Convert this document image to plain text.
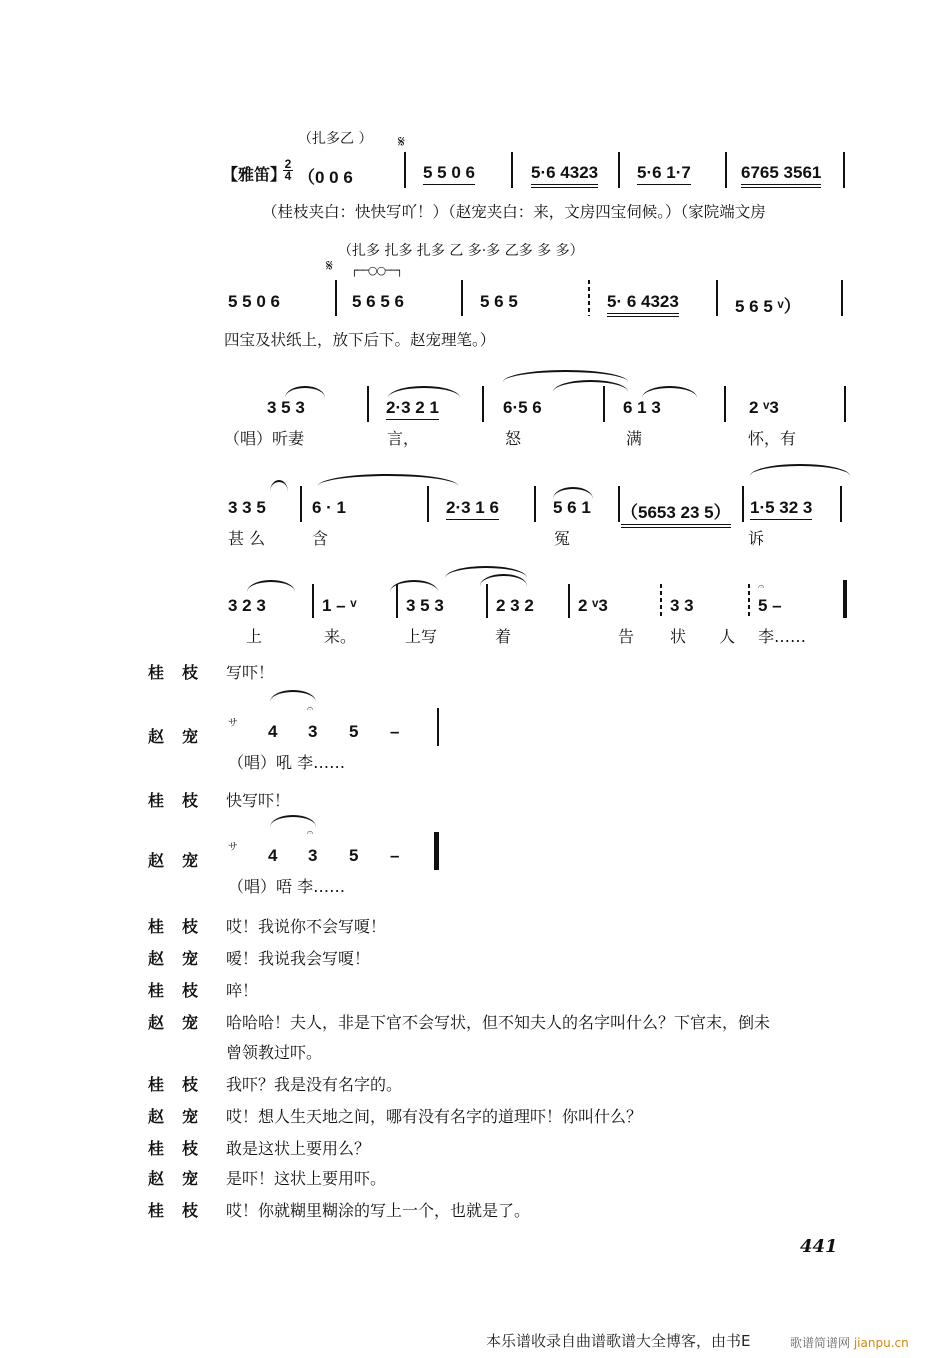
（扎多乙 ） 𝄋
【雅笛】
2
4 （0 0 6	5 5 0 6	5·6 4323 5·6 1·7	6765 3561
（桂枝夹白：快快写吖！）（赵宠夹白：来，文房四宝伺候。）（家院端文房
（扎多 扎多 扎多 乙 多·多 乙多 多 多）
𝄋 ┌──○○──┐
5 5 0 6	5 6 5 6	5 6 5	5· 6 4323	5 6 5 ᵛ）
四宝及状纸上，放下后下。赵宠理笔。）
3 5 3	2·3 2 1	6·5 6	6 1 3	2 ᵛ3
（唱）听妻	言，	怒	满	怀，有
3 3 5	6 · 1	2·3 1 6	5 6 1 （5653 23 5） 1·5 32 3
甚 么	含	冤	诉
3 2 3	1 – ᵛ	3 5 3	2 3 2	2 ᵛ3	3 3
𝄐
5 –
上	来。	上写	着	告 状 人 李……
桂枝 写吓！
赵宠
サ
𝄐
4 3 5 –
（唱）吼 李……
桂枝 快写吓！
赵宠
サ
𝄐
4 3 5 –
（唱）唔 李……
桂枝 哎！我说你不会写嗄！
赵宠 嗳！我说我会写嗄！
桂枝 啐！
赵宠 哈哈哈！夫人，非是下官不会写状，但不知夫人的名字叫什么？下官末，倒未
曾领教过吓。
桂枝 我吓？我是没有名字的。
赵宠 哎！想人生天地之间，哪有没有名字的道理吓！你叫什么？
桂枝 敢是这状上要用么？
赵宠 是吓！这状上要用吓。
桂枝 哎！你就糊里糊涂的写上一个，也就是了。
441
本乐谱收录自曲谱歌谱大全博客，由书E	歌谱简谱网 jianpu.cn
